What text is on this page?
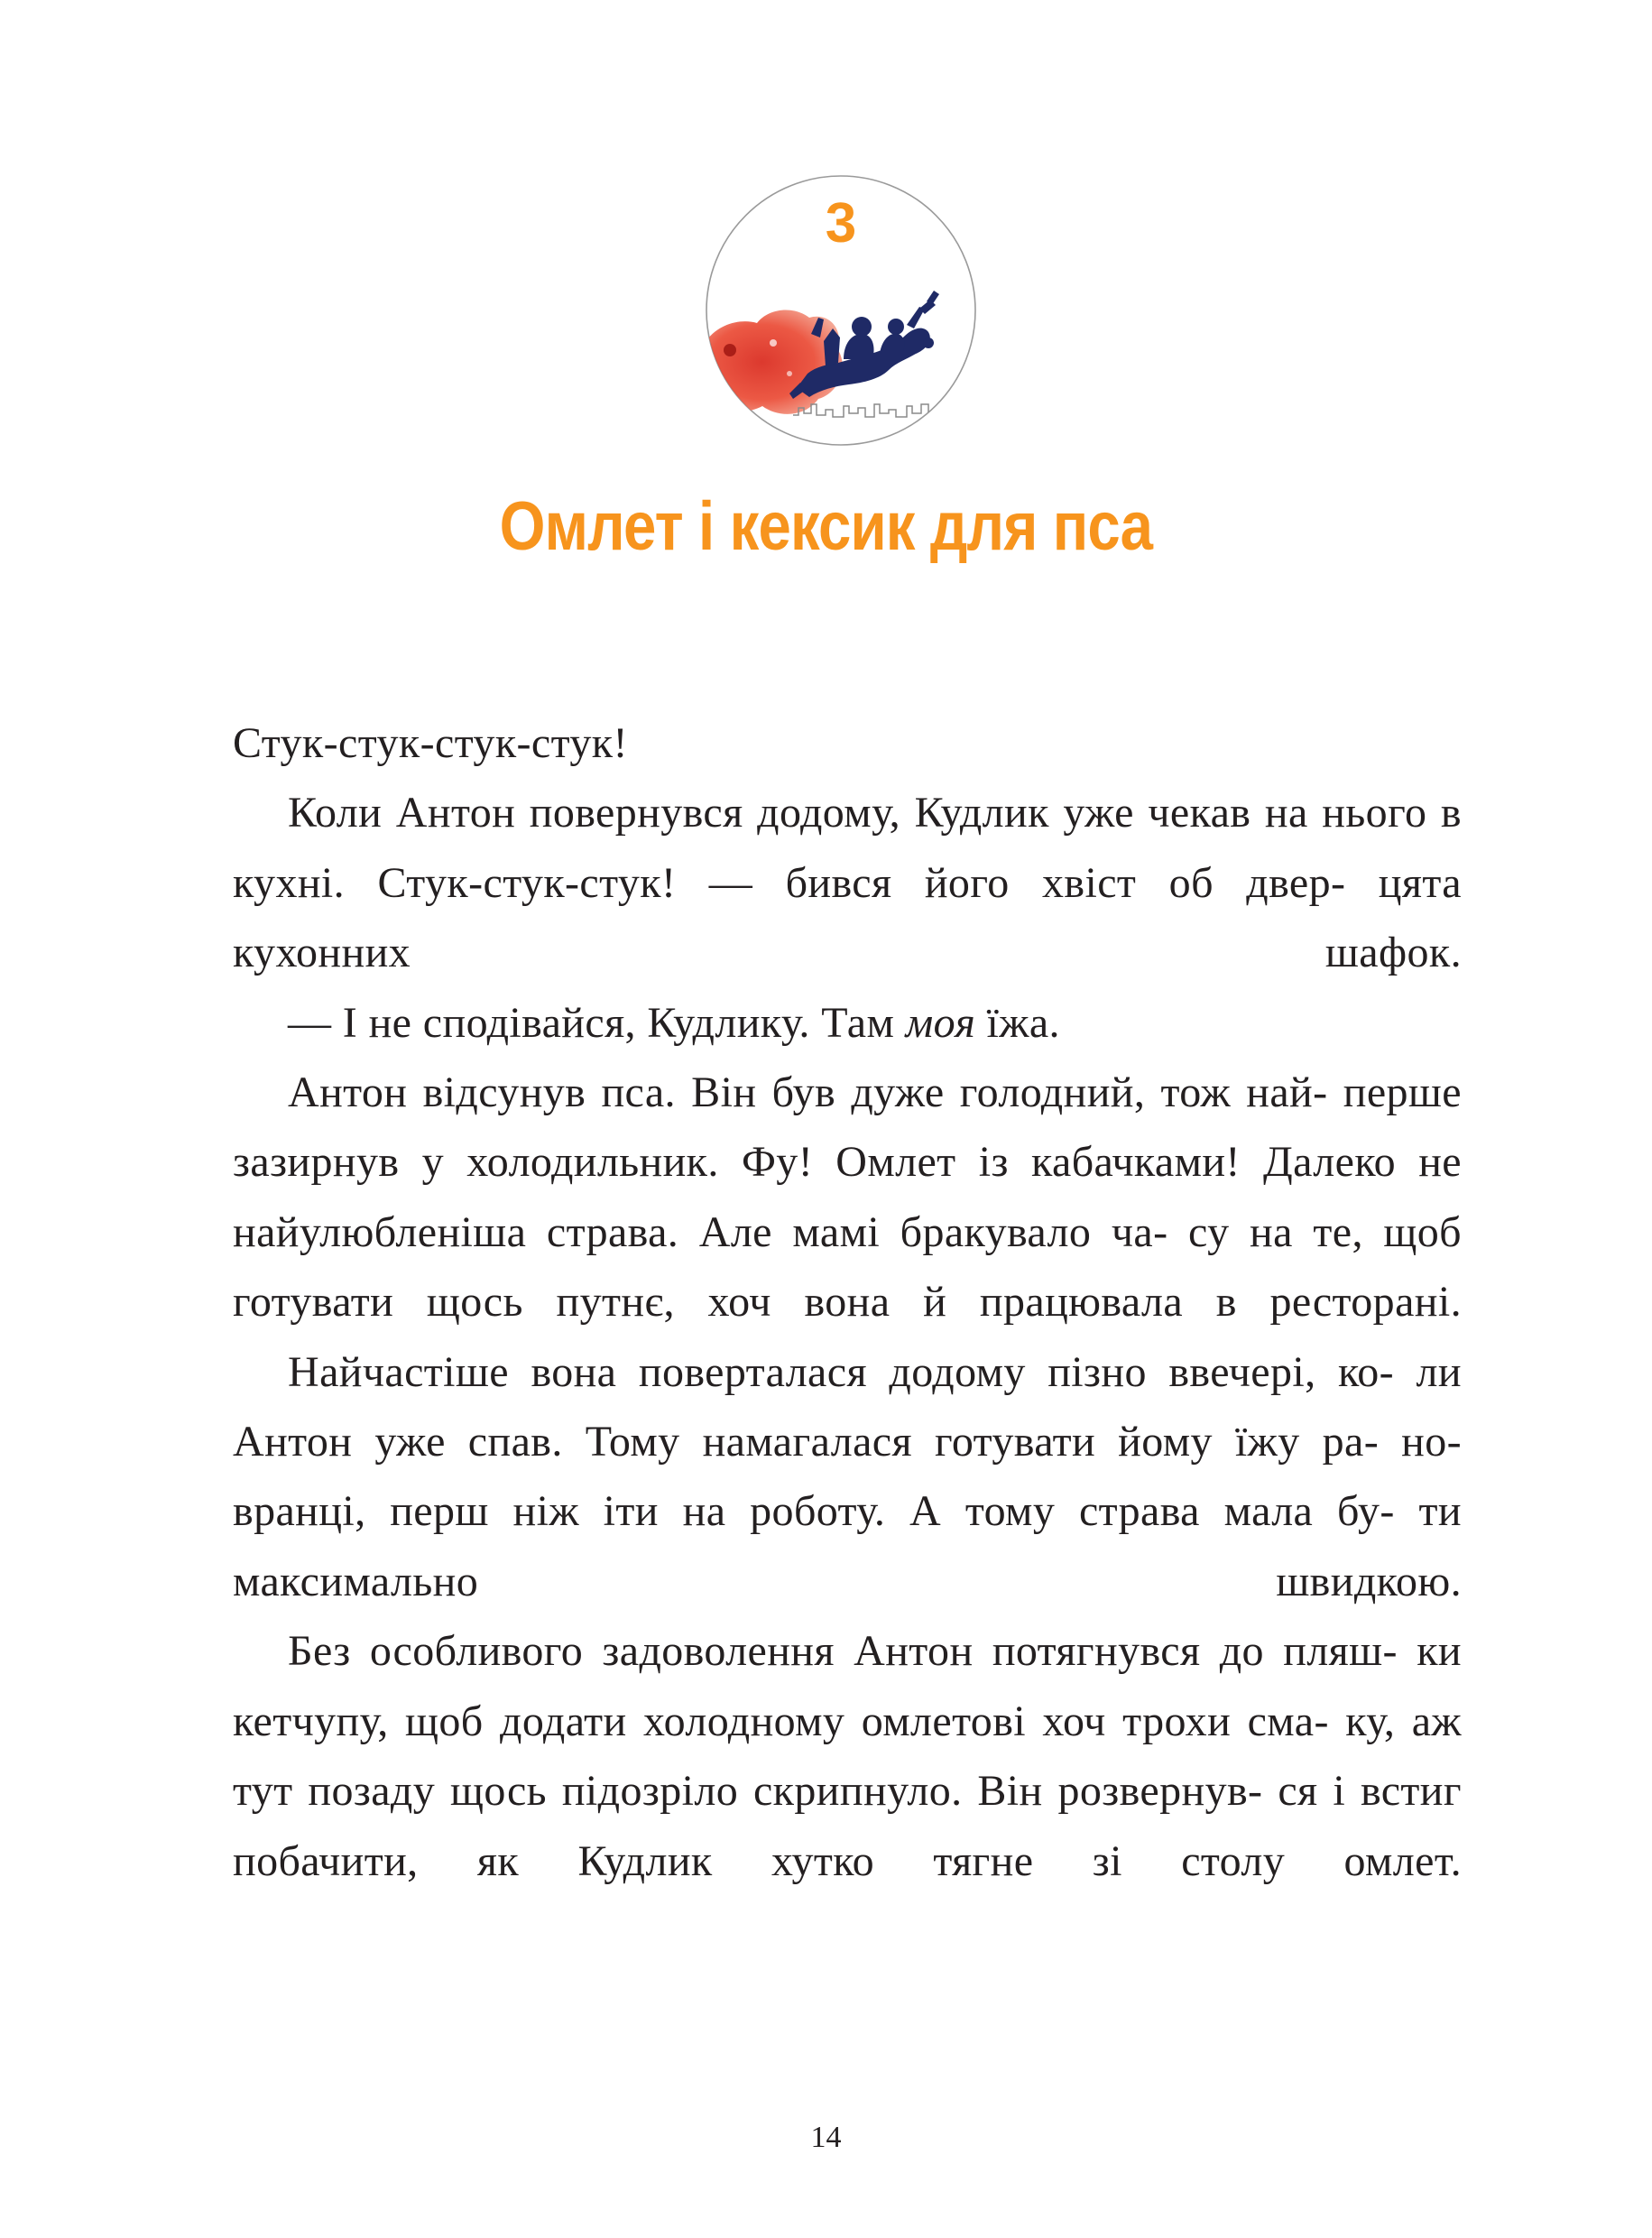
3
Омлет і кексик для пса

Стук-стук-стук-стук!

Коли Антон повернувся додому, Кудлик уже чекав на нього в кухні. Стук-стук-стук! — бився його хвіст об двер- цята кухонних шафок.

— І не сподівайся, Кудлику. Там моя їжа.

Антон відсунув пса. Він був дуже голодний, тож най- перше зазирнув у холодильник. Фу! Омлет із кабачками! Далеко не найулюбленіша страва. Але мамі бракувало ча- су на те, щоб готувати щось путнє, хоч вона й працювала в ресторані.

Найчастіше вона поверталася додому пізно ввечері, ко- ли Антон уже спав. Тому намагалася готувати йому їжу ра- но-вранці, перш ніж іти на роботу. А тому страва мала бу- ти максимально швидкою.

Без особливого задоволення Антон потягнувся до пляш- ки кетчупу, щоб додати холодному омлетові хоч трохи сма- ку, аж тут позаду щось підозріло скрипнуло. Він розвернув- ся і встиг побачити, як Кудлик хутко тягне зі столу омлет.

14
